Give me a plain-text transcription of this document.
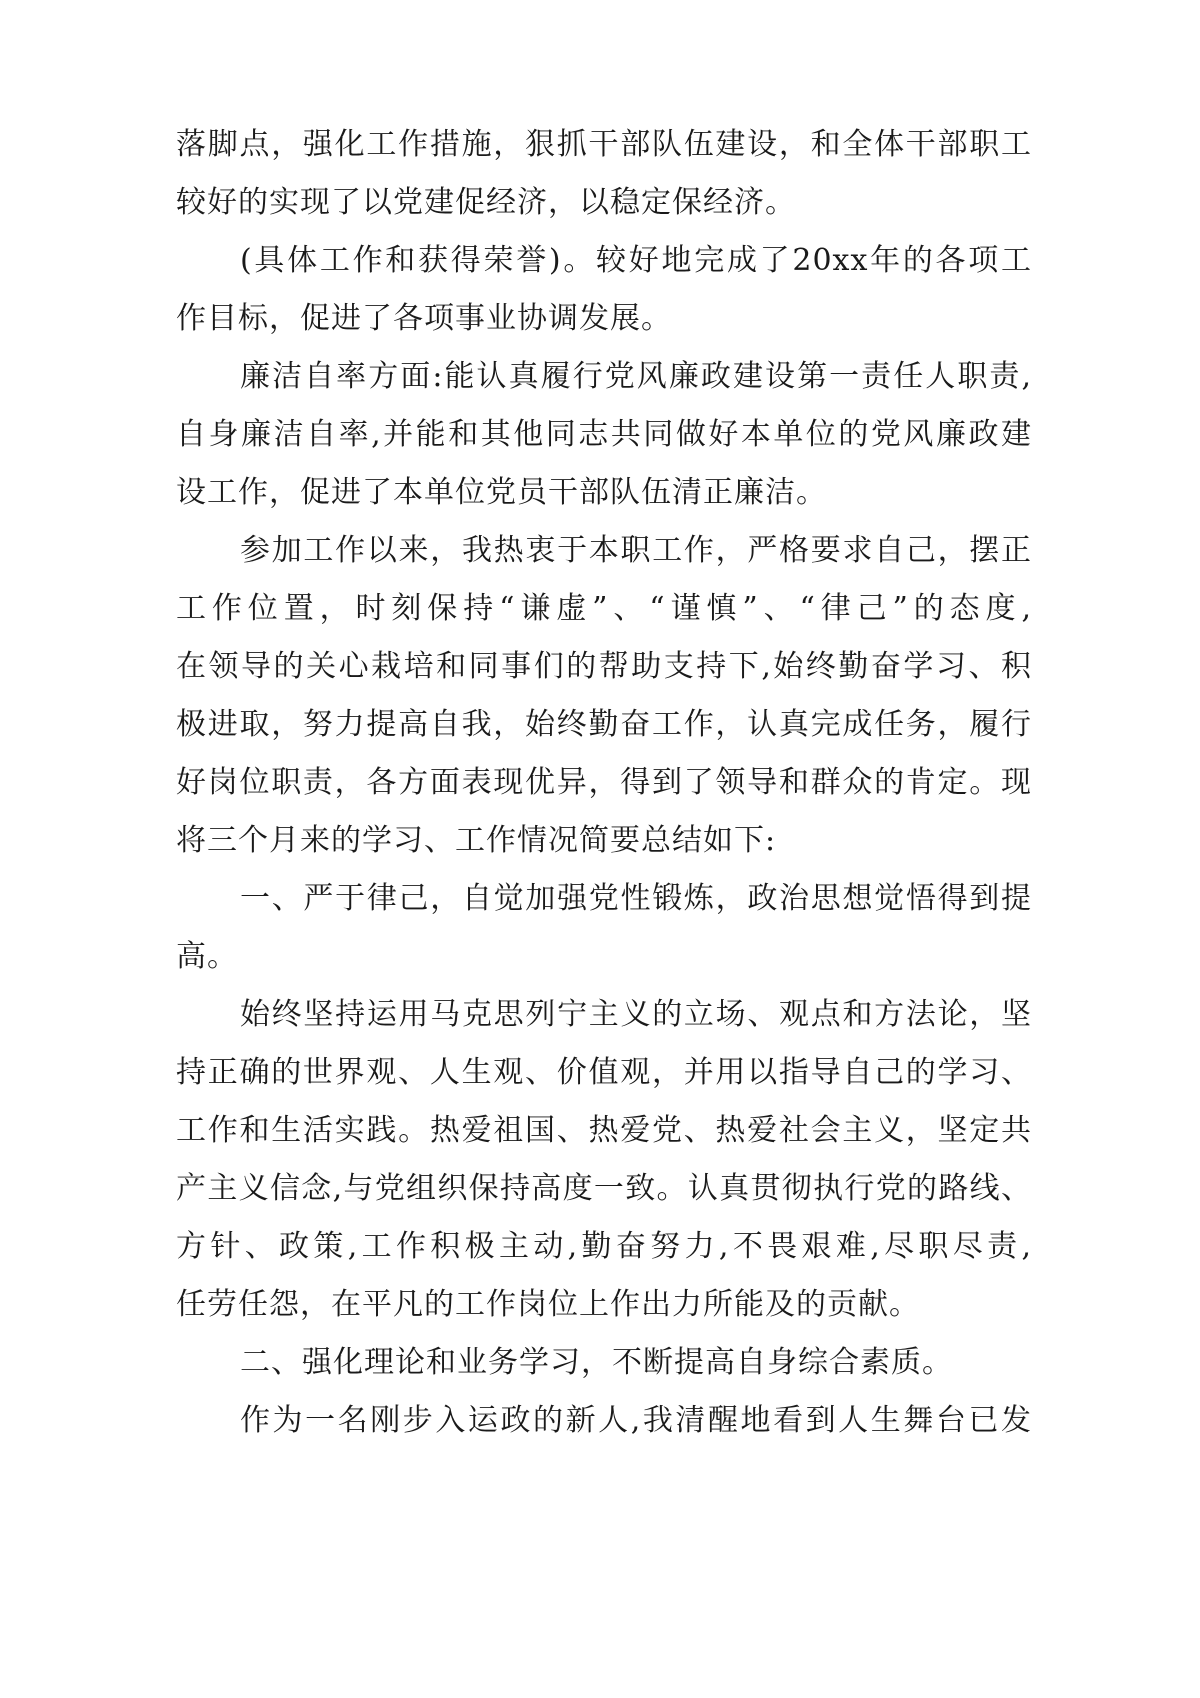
落脚点，强化工作措施，狠抓干部队伍建设，和全体干部职工
较好的实现了以党建促经济，以稳定保经济。
(具体工作和获得荣誉)。较好地完成了20xx年的各项工
作目标，促进了各项事业协调发展。
廉洁自率方面:能认真履行党风廉政建设第一责任人职责,
自身廉洁自率,并能和其他同志共同做好本单位的党风廉政建
设工作，促进了本单位党员干部队伍清正廉洁。
参加工作以来，我热衷于本职工作，严格要求自己，摆正
工作位置，时刻保持“谦虚”、“谨慎”、“律己”的态度,
在领导的关心栽培和同事们的帮助支持下,始终勤奋学习、积
极进取，努力提高自我，始终勤奋工作，认真完成任务，履行
好岗位职责，各方面表现优异，得到了领导和群众的肯定。现
将三个月来的学习、工作情况简要总结如下:
一、严于律己，自觉加强党性锻炼，政治思想觉悟得到提
高。
始终坚持运用马克思列宁主义的立场、观点和方法论，坚
持正确的世界观、人生观、价值观，并用以指导自己的学习、
工作和生活实践。热爱祖国、热爱党、热爱社会主义，坚定共
产主义信念,与党组织保持高度一致。认真贯彻执行党的路线、
方针、政策,工作积极主动,勤奋努力,不畏艰难,尽职尽责,
任劳任怨，在平凡的工作岗位上作出力所能及的贡献。
二、强化理论和业务学习，不断提高自身综合素质。
作为一名刚步入运政的新人,我清醒地看到人生舞台已发
